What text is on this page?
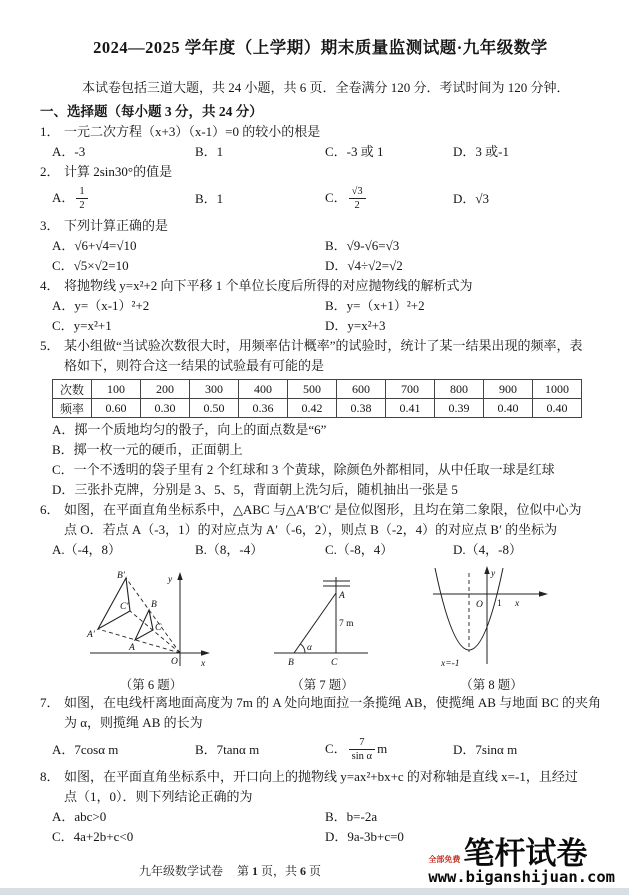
2024—2025 学年度（上学期）期末质量监测试题·九年级数学
本试卷包括三道大题，共 24 小题，共 6 页．全卷满分 120 分．考试时间为 120 分钟．
一、选择题（每小题 3 分，共 24 分）
1． 一元二次方程（x+3）（x-1）=0 的较小的根是
A．-3	B．1	C．-3 或 1	D．3 或-1
2． 计算 2sin30°的值是
A． $\frac{1}{2}$	B．1	C． $\frac{√3}{2}$	D．√3
3． 下列计算正确的是
A．√6+√4=√10	B．√9-√6=√3
C．√5×√2=10	D．√4÷√2=√2
4． 将抛物线 y=x²+2 向下平移 1 个单位长度后所得的对应抛物线的解析式为
A．y=（x-1）²+2	B．y=（x+1）²+2
C．y=x²+1	D．y=x²+3
5． 某小组做“当试验次数很大时，用频率估计概率”的试验时，统计了某一结果出现的频率，表
格如下，则符合这一结果的试验最有可能的是
次数	100	200	300	400	500	600	700	800	900	1000
频率	0.60	0.30	0.50	0.36	0.42	0.38	0.41	0.39	0.40	0.40
A．掷一个质地均匀的骰子，向上的面点数是“6”
B．掷一枚一元的硬币，正面朝上
C．一个不透明的袋子里有 2 个红球和 3 个黄球，除颜色外都相同，从中任取一球是红球
D．三张扑克牌，分别是 3、5、5，背面朝上洗匀后，随机抽出一张是 5
6． 如图，在平面直角坐标系中，△ABC 与△A′B′C′ 是位似图形，且均在第二象限，位似中心为
点 O．若点 A（-3，1）的对应点为 A′（-6，2），则点 B（-2，4）的对应点 B′ 的坐标为
A.（-4，8）	B.（8，-4）	C.（-8，4）	D.（4，-8）
B′
C′ B
A′
A
C
O
y
x
（第 6 题）
A
7 m
α
B	C
（第 7 题）
y
O 1 x
x=-1
（第 8 题）
7． 如图，在电线杆离地面高度为 7m 的 A 处向地面拉一条揽绳 AB，使揽绳 AB 与地面 BC 的夹角
为 α，则揽绳 AB 的长为
A．7cosα m	B．7tanα m	C． $\frac{7}{\text{sin α}}$ m	D．7sinα m
8． 如图，在平面直角坐标系中，开口向上的抛物线 y=ax²+bx+c 的对称轴是直线 x=-1，且经过
点（1，0）．则下列结论正确的为
A．abc>0	B．b=-2a
C．4a+2b+c<0	D．9a-3b+c=0
九年级数学试卷 第 1 页，共 6 页
全部免费 笔杆试卷
www.biganshijuan.com
